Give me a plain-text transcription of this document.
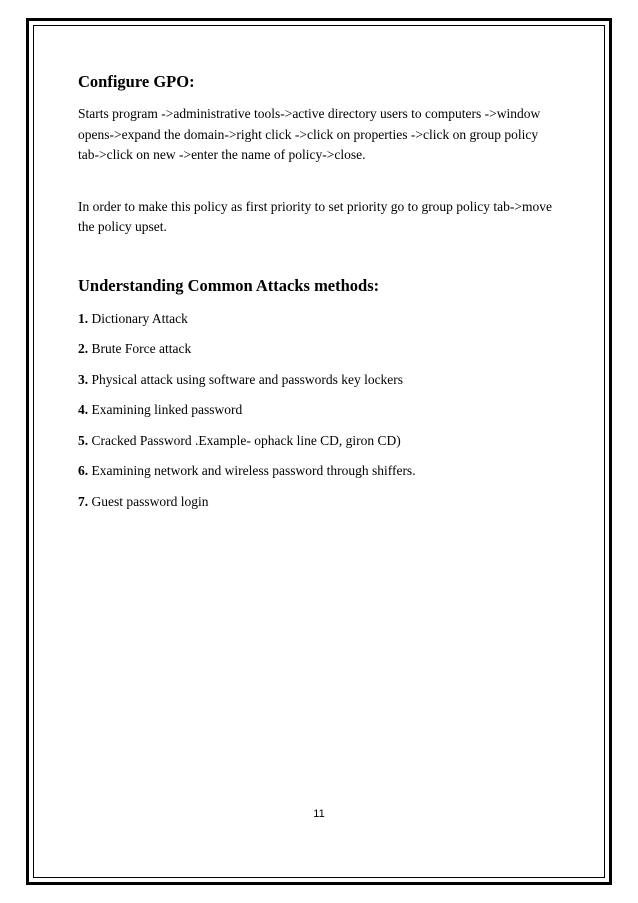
Configure GPO:

Starts program ->administrative tools->active directory users to computers ->window opens->expand the domain->right click ->click on properties ->click on group policy tab->click on new ->enter the name of policy->close.

In order to make this policy as first priority to set priority go to group policy tab->move the policy upset.

Understanding Common Attacks methods:
1. Dictionary Attack
2. Brute Force attack
3. Physical attack using software and passwords key lockers
4. Examining linked password
5. Cracked Password .Example- ophack line CD, giron CD)
6. Examining network and wireless password through shiffers.
7. Guest password login
11
